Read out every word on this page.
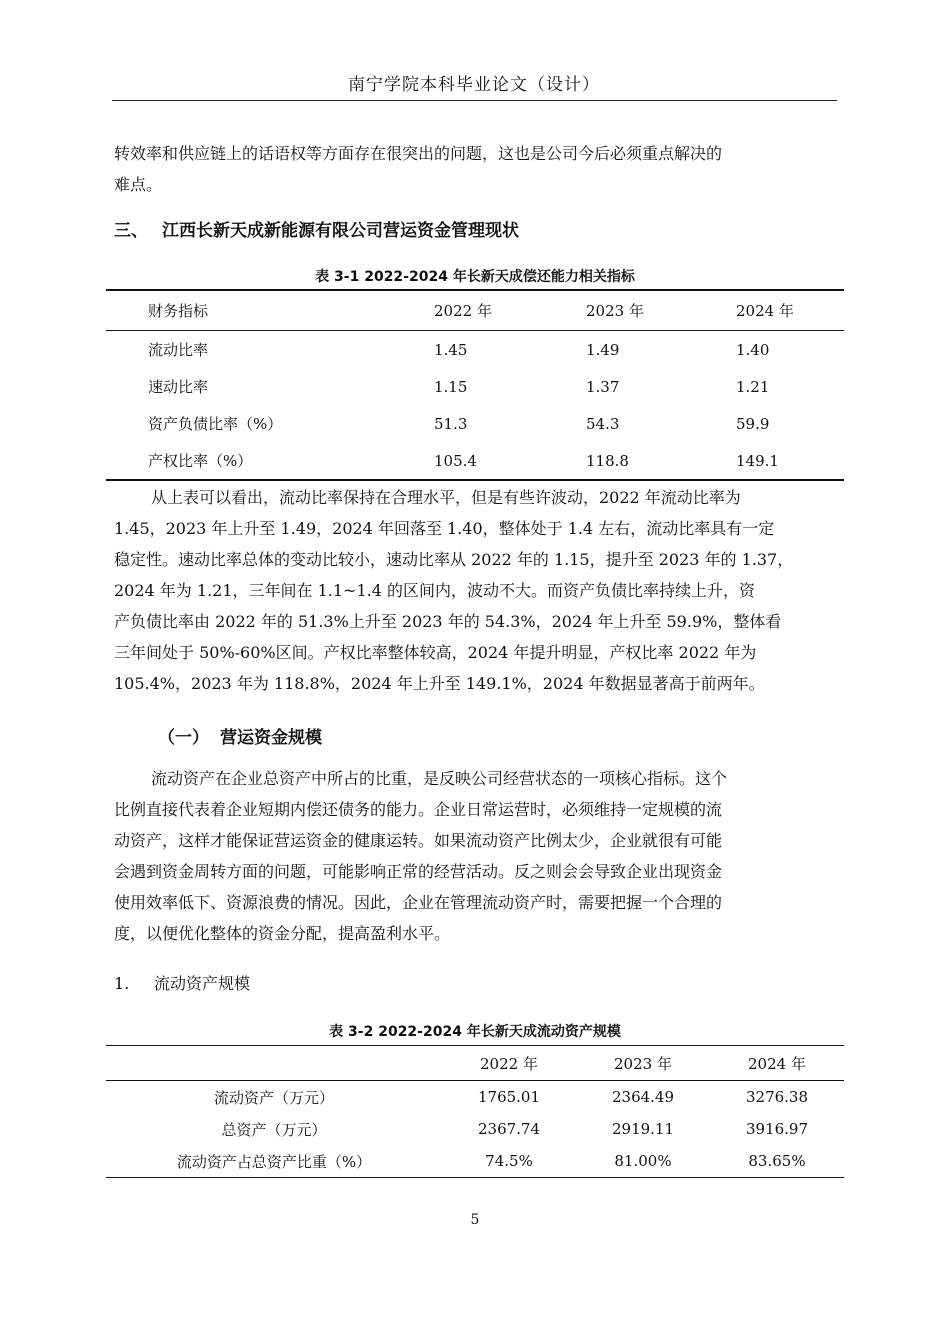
南宁学院本科毕业论文（设计）
转效率和供应链上的话语权等方面存在很突出的问题，这也是公司今后必须重点解决的
难点。
三、 江西长新天成新能源有限公司营运资金管理现状
表 3-1 2022-2024 年长新天成偿还能力相关指标
财务指标	2022 年	2023 年	2024 年
流动比率	1.45	1.49	1.40
速动比率	1.15	1.37	1.21
资产负债比率（%）	51.3	54.3	59.9
产权比率（%）	105.4	118.8	149.1
从上表可以看出，流动比率保持在合理水平，但是有些许波动，2022 年流动比率为
1.45，2023 年上升至 1.49，2024 年回落至 1.40，整体处于 1.4 左右，流动比率具有一定
稳定性。速动比率总体的变动比较小，速动比率从 2022 年的 1.15，提升至 2023 年的 1.37，
2024 年为 1.21，三年间在 1.1~1.4 的区间内，波动不大。而资产负债比率持续上升，资
产负债比率由 2022 年的 51.3%上升至 2023 年的 54.3%，2024 年上升至 59.9%，整体看
三年间处于 50%-60%区间。产权比率整体较高，2024 年提升明显，产权比率 2022 年为
105.4%，2023 年为 118.8%，2024 年上升至 149.1%，2024 年数据显著高于前两年。
（一） 营运资金规模
流动资产在企业总资产中所占的比重，是反映公司经营状态的一项核心指标。这个
比例直接代表着企业短期内偿还债务的能力。企业日常运营时，必须维持一定规模的流
动资产，这样才能保证营运资金的健康运转。如果流动资产比例太少，企业就很有可能
会遇到资金周转方面的问题，可能影响正常的经营活动。反之则会会导致企业出现资金
使用效率低下、资源浪费的情况。因此，企业在管理流动资产时，需要把握一个合理的
度，以便优化整体的资金分配，提高盈利水平。
1. 流动资产规模
表 3-2 2022-2024 年长新天成流动资产规模
	2022 年	2023 年	2024 年
流动资产（万元）	1765.01	2364.49	3276.38
总资产（万元）	2367.74	2919.11	3916.97
流动资产占总资产比重（%）	74.5%	81.00%	83.65%
5
